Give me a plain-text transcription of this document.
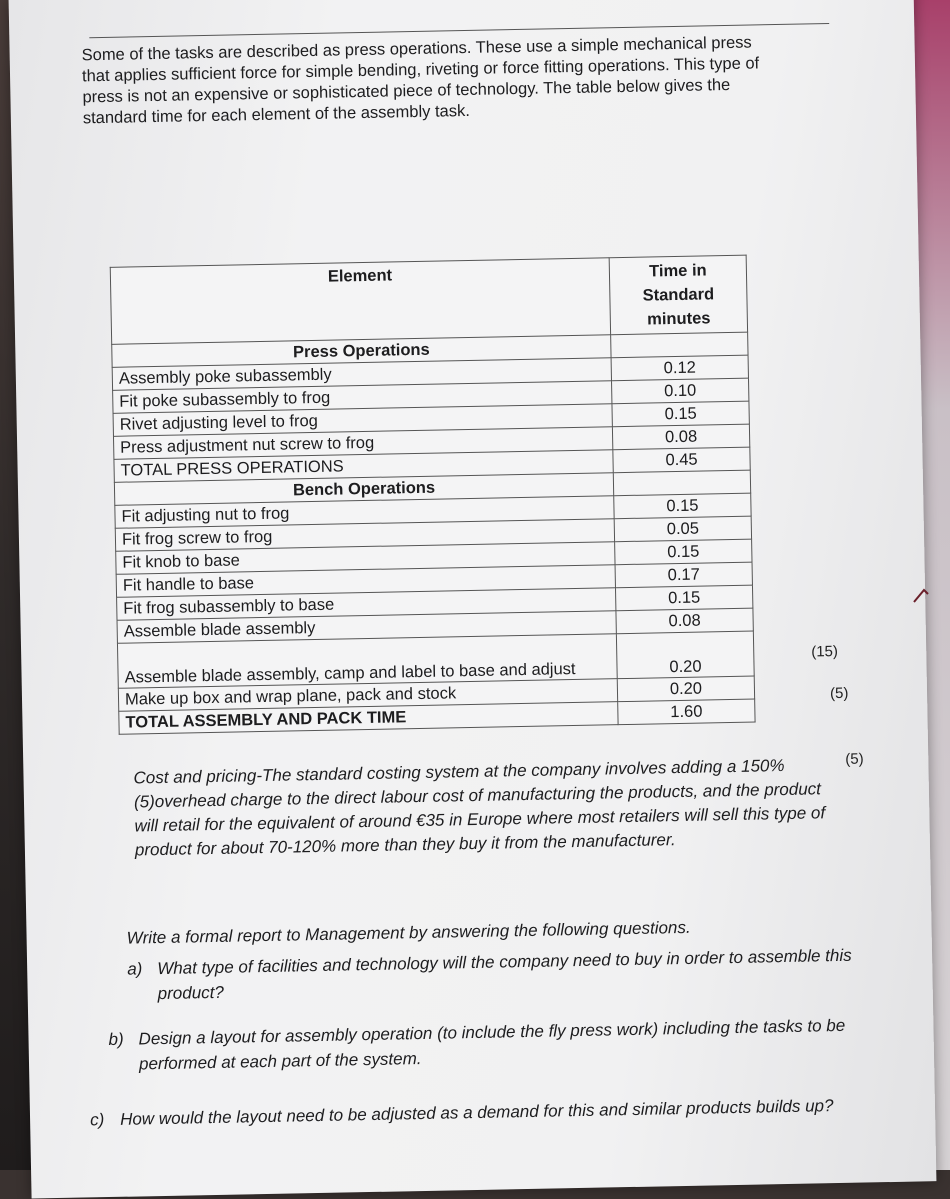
Some of the tasks are described as press operations. These use a simple mechanical press that applies sufficient force for simple bending, riveting or force fitting operations. This type of press is not an expensive or sophisticated piece of technology. The table below gives the standard time for each element of the assembly task.

Element	Time in Standard minutes
Press Operations	
Assembly poke subassembly	0.12
Fit poke subassembly to frog	0.10
Rivet adjusting level to frog	0.15
Press adjustment nut screw to frog	0.08
TOTAL PRESS OPERATIONS	0.45
Bench Operations	
Fit adjusting nut to frog	0.15
Fit frog screw to frog	0.05
Fit knob to base	0.15
Fit handle to base	0.17
Fit frog subassembly to base	0.15
Assemble blade assembly	0.08
Assemble blade assembly, camp and label to base and adjust	0.20
Make up box and wrap plane, pack and stock	0.20
TOTAL ASSEMBLY AND PACK TIME	1.60
(15)
(5)
(5)
Cost and pricing-The standard costing system at the company involves adding a 150% (5)overhead charge to the direct labour cost of manufacturing the products, and the product will retail for the equivalent of around €35 in Europe where most retailers will sell this type of product for about 70-120% more than they buy it from the manufacturer.
Write a formal report to Management by answering the following questions.
a) What type of facilities and technology will the company need to buy in order to assemble this product?
b) Design a layout for assembly operation (to include the fly press work) including the tasks to be performed at each part of the system.
c) How would the layout need to be adjusted as a demand for this and similar products builds up?
